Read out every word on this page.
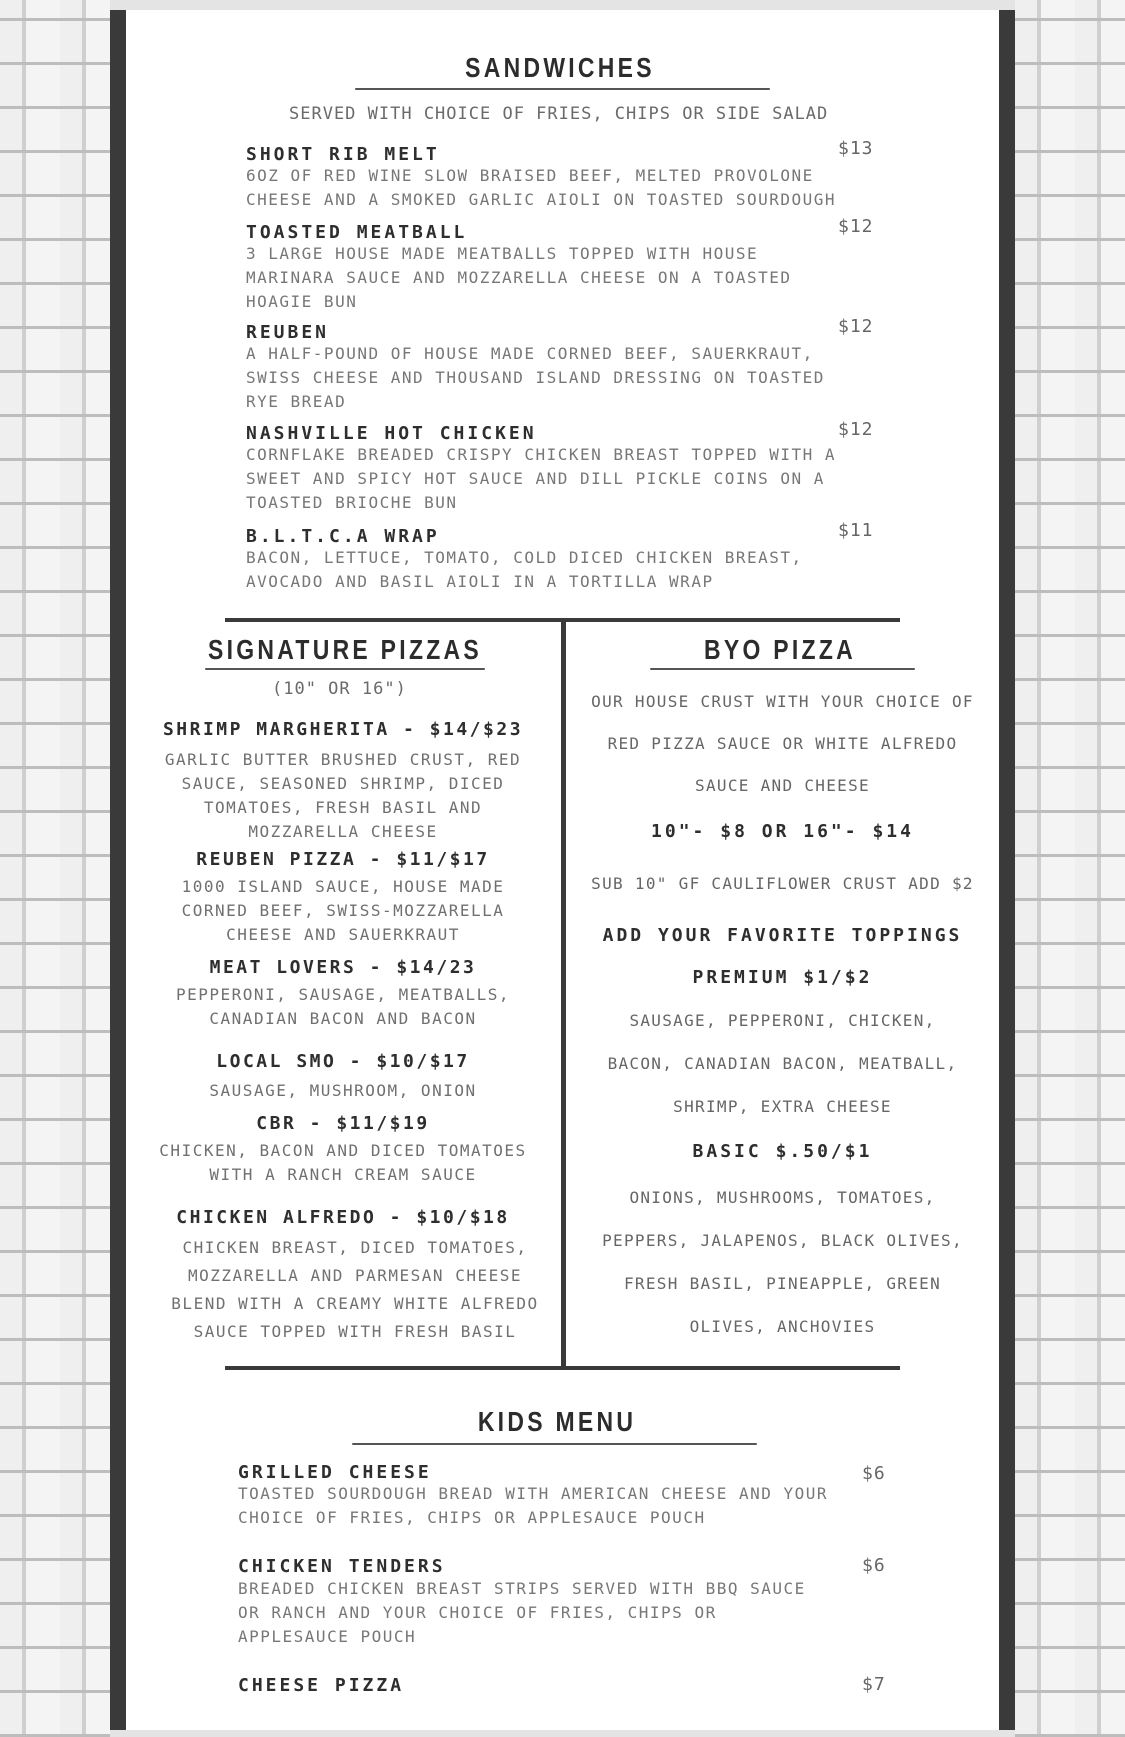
SANDWICHES
SERVED WITH CHOICE OF FRIES, CHIPS OR SIDE SALAD
SHORT RIB MELT	$13
6OZ OF RED WINE SLOW BRAISED BEEF, MELTED PROVOLONE CHEESE AND A SMOKED GARLIC AIOLI ON TOASTED SOURDOUGH
TOASTED MEATBALL	$12
3 LARGE HOUSE MADE MEATBALLS TOPPED WITH HOUSE MARINARA SAUCE AND MOZZARELLA CHEESE ON A TOASTED HOAGIE BUN
REUBEN	$12
A HALF-POUND OF HOUSE MADE CORNED BEEF, SAUERKRAUT, SWISS CHEESE AND THOUSAND ISLAND DRESSING ON TOASTED RYE BREAD
NASHVILLE HOT CHICKEN	$12
CORNFLAKE BREADED CRISPY CHICKEN BREAST TOPPED WITH A SWEET AND SPICY HOT SAUCE AND DILL PICKLE COINS ON A TOASTED BRIOCHE BUN
B.L.T.C.A WRAP	$11
BACON, LETTUCE, TOMATO, COLD DICED CHICKEN BREAST, AVOCADO AND BASIL AIOLI IN A TORTILLA WRAP
SIGNATURE PIZZAS
(10" OR 16")
SHRIMP MARGHERITA - $14/$23
GARLIC BUTTER BRUSHED CRUST, RED SAUCE, SEASONED SHRIMP, DICED TOMATOES, FRESH BASIL AND MOZZARELLA CHEESE
REUBEN PIZZA - $11/$17
1000 ISLAND SAUCE, HOUSE MADE CORNED BEEF, SWISS-MOZZARELLA CHEESE AND SAUERKRAUT
MEAT LOVERS - $14/23
PEPPERONI, SAUSAGE, MEATBALLS, CANADIAN BACON AND BACON
LOCAL SMO - $10/$17
SAUSAGE, MUSHROOM, ONION
CBR - $11/$19
CHICKEN, BACON AND DICED TOMATOES WITH A RANCH CREAM SAUCE
CHICKEN ALFREDO - $10/$18
CHICKEN BREAST, DICED TOMATOES, MOZZARELLA AND PARMESAN CHEESE BLEND WITH A CREAMY WHITE ALFREDO SAUCE TOPPED WITH FRESH BASIL
BYO PIZZA
OUR HOUSE CRUST WITH YOUR CHOICE OF
RED PIZZA SAUCE OR WHITE ALFREDO
SAUCE AND CHEESE
10"- $8 OR 16"- $14
SUB 10" GF CAULIFLOWER CRUST ADD $2
ADD YOUR FAVORITE TOPPINGS
PREMIUM $1/$2
SAUSAGE, PEPPERONI, CHICKEN,
BACON, CANADIAN BACON, MEATBALL,
SHRIMP, EXTRA CHEESE
BASIC $.50/$1
ONIONS, MUSHROOMS, TOMATOES,
PEPPERS, JALAPENOS, BLACK OLIVES,
FRESH BASIL, PINEAPPLE, GREEN
OLIVES, ANCHOVIES
KIDS MENU
GRILLED CHEESE	$6
TOASTED SOURDOUGH BREAD WITH AMERICAN CHEESE AND YOUR CHOICE OF FRIES, CHIPS OR APPLESAUCE POUCH
CHICKEN TENDERS	$6
BREADED CHICKEN BREAST STRIPS SERVED WITH BBQ SAUCE OR RANCH AND YOUR CHOICE OF FRIES, CHIPS OR APPLESAUCE POUCH
CHEESE PIZZA	$7
